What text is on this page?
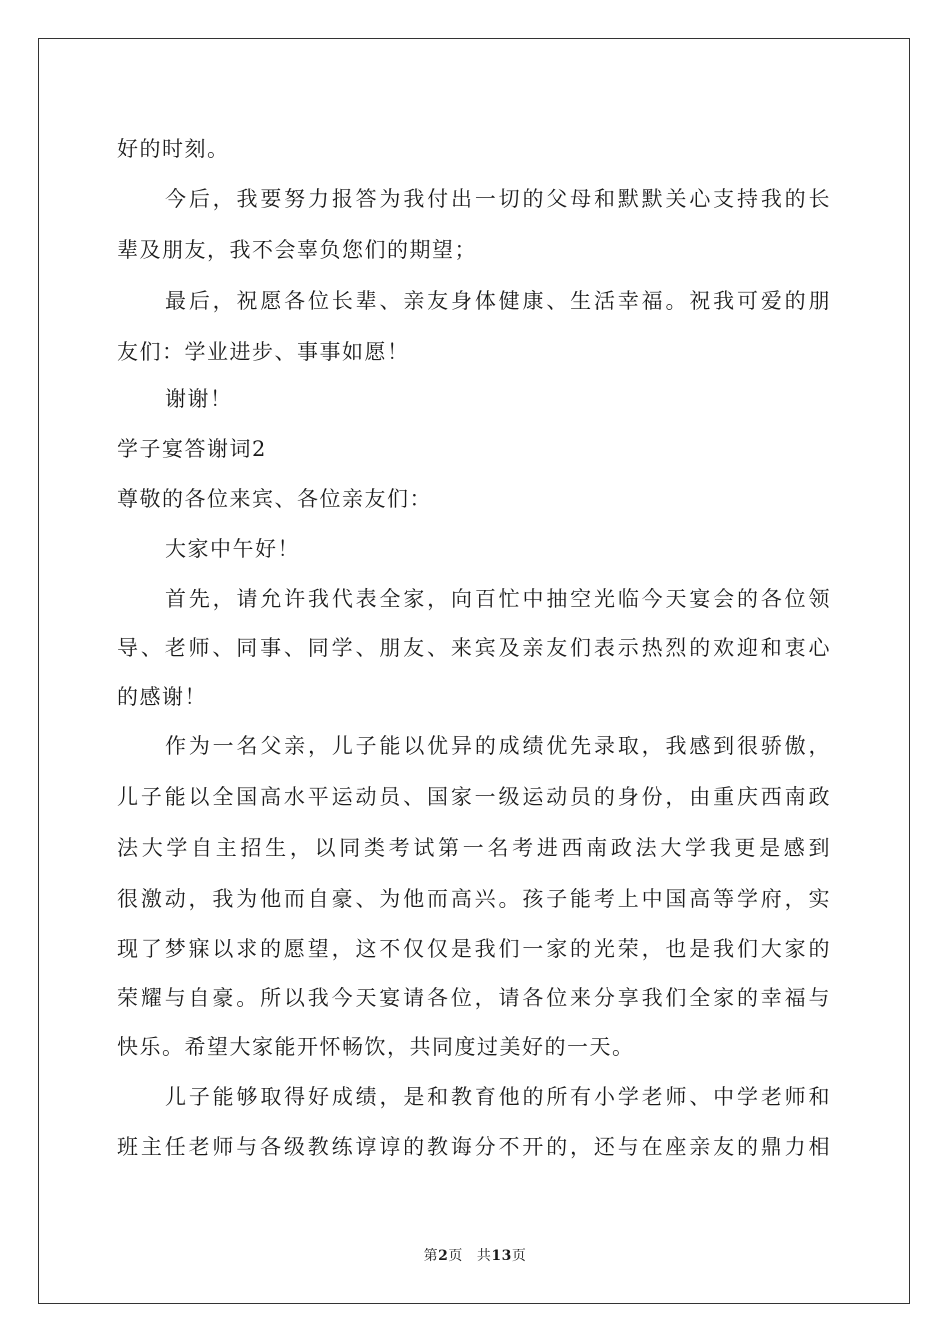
好的时刻。
今后，我要努力报答为我付出一切的父母和默默关心支持我的长
辈及朋友，我不会辜负您们的期望；
最后，祝愿各位长辈、亲友身体健康、生活幸福。祝我可爱的朋
友们：学业进步、事事如愿！
谢谢！
学子宴答谢词2
尊敬的各位来宾、各位亲友们：
大家中午好！
首先，请允许我代表全家，向百忙中抽空光临今天宴会的各位领
导、老师、同事、同学、朋友、来宾及亲友们表示热烈的欢迎和衷心
的感谢！
作为一名父亲，儿子能以优异的成绩优先录取，我感到很骄傲，
儿子能以全国高水平运动员、国家一级运动员的身份，由重庆西南政
法大学自主招生，以同类考试第一名考进西南政法大学我更是感到
很激动，我为他而自豪、为他而高兴。孩子能考上中国高等学府，实
现了梦寐以求的愿望，这不仅仅是我们一家的光荣，也是我们大家的
荣耀与自豪。所以我今天宴请各位，请各位来分享我们全家的幸福与
快乐。希望大家能开怀畅饮，共同度过美好的一天。
儿子能够取得好成绩，是和教育他的所有小学老师、中学老师和
班主任老师与各级教练谆谆的教诲分不开的，还与在座亲友的鼎力相
第2页 共13页
